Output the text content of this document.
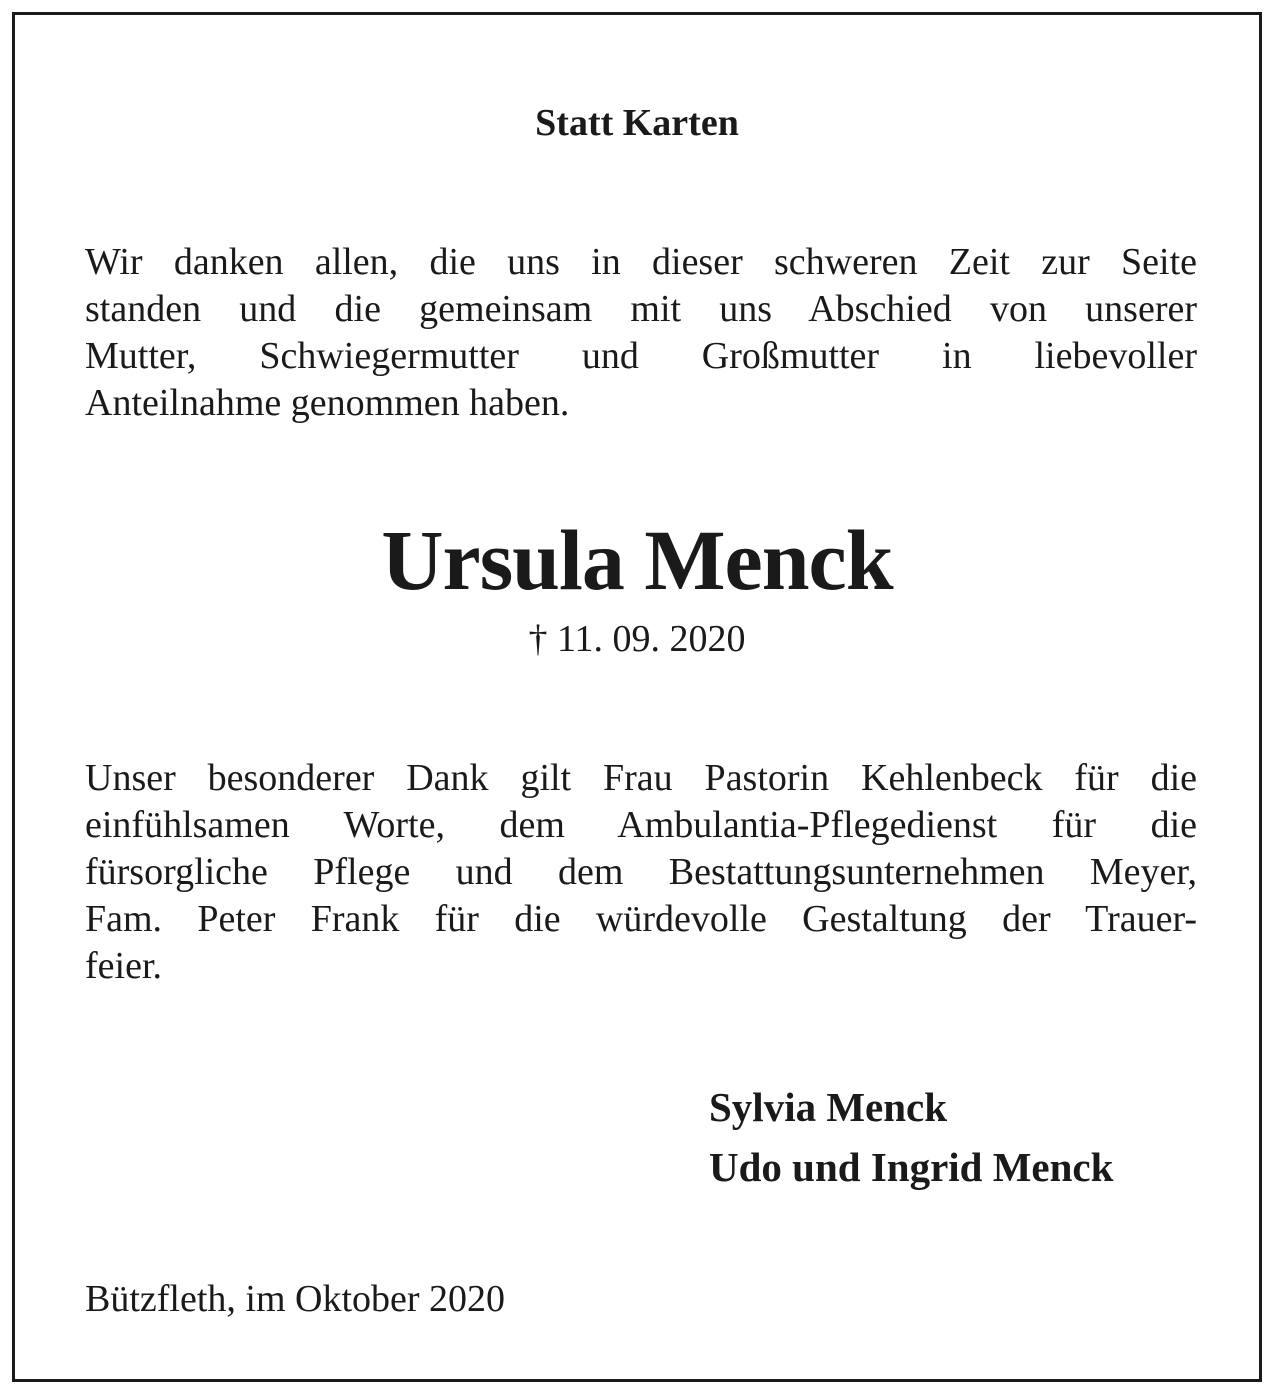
Statt Karten

Wir danken allen, die uns in dieser schweren Zeit zur Seite
standen und die gemeinsam mit uns Abschied von unserer
Mutter, Schwiegermutter und Großmutter in liebevoller
Anteilnahme genommen haben.

Ursula Menck

† 11. 09. 2020

Unser besonderer Dank gilt Frau Pastorin Kehlenbeck für die
einfühlsamen Worte, dem Ambulantia-Pflegedienst für die
fürsorgliche Pflege und dem Bestattungsunternehmen Meyer,
Fam. Peter Frank für die würdevolle Gestaltung der Trauer-
feier.
Sylvia Menck
Udo und Ingrid Menck

Bützfleth, im Oktober 2020
